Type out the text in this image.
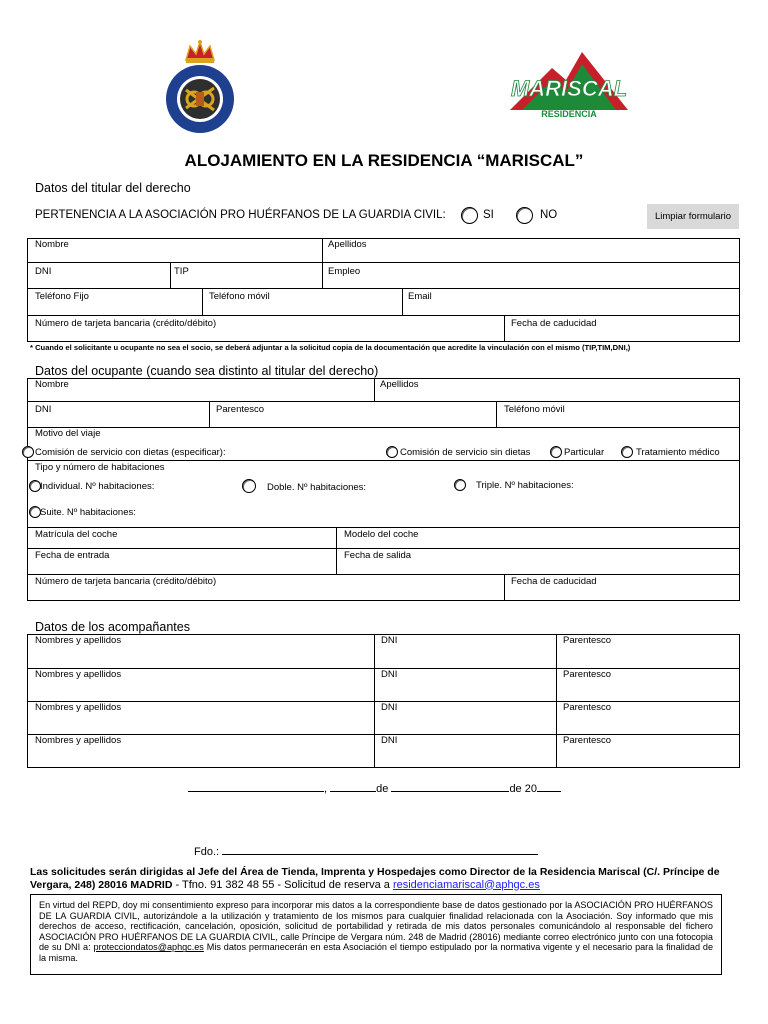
MARISCAL
RESIDENCIA
ALOJAMIENTO EN LA RESIDENCIA “MARISCAL”
Datos del titular del derecho
PERTENENCIA A LA ASOCIACIÓN PRO HUÉRFANOS DE LA GUARDIA CIVIL:	SI	NO	Limpiar formulario
Nombre	Apellidos
DNI	TIP	Empleo
Teléfono Fijo	Teléfono móvil	Email
Número de tarjeta bancaria (crédito/débito)	Fecha de caducidad
* Cuando el solicitante u ocupante no sea el socio, se deberá adjuntar a la solicitud copia de la documentación que acredite la vinculación con el mismo (TIP,TIM,DNI,)
Datos del ocupante (cuando sea distinto al titular del derecho)
Nombre	Apellidos
DNI	Parentesco	Teléfono móvil
Motivo del viaje
Comisión de servicio con dietas (especificar):	Comisión de servicio sin dietas	Particular	Tratamiento médico
Tipo y número de habitaciones
Individual. Nº habitaciones:	Doble. Nº habitaciones:	Triple. Nº habitaciones:
Suite. Nº habitaciones:
Matrícula del coche	Modelo del coche
Fecha de entrada	Fecha de salida
Número de tarjeta bancaria (crédito/débito)	Fecha de caducidad
Datos de los acompañantes
Nombres y apellidos	DNI	Parentesco
Nombres y apellidos	DNI	Parentesco
Nombres y apellidos	DNI	Parentesco
Nombres y apellidos	DNI	Parentesco
,	de	de 20
Fdo.:
Las solicitudes serán dirigidas al Jefe del Área de Tienda, Imprenta y Hospedajes como Director de la Residencia Mariscal (C/. Príncipe de Vergara, 248) 28016 MADRID - Tfno. 91 382 48 55 - Solicitud de reserva a residenciamariscal@aphgc.es
En virtud del REPD, doy mi consentimiento expreso para incorporar mis datos a la correspondiente base de datos gestionado por la ASOCIACIÓN PRO HUÉRFANOS DE LA GUARDIA CIVIL, autorizándole a la utilización y tratamiento de los mismos para cualquier finalidad relacionada con la Asociación. Soy informado que mis derechos de acceso, rectificación, cancelación, oposición, solicitud de portabilidad y retirada de mis datos personales comunicándolo al responsable del fichero ASOCIACIÓN PRO HUÉRFANOS DE LA GUARDIA CIVIL, calle Príncipe de Vergara núm. 248 de Madrid (28016) mediante correo electrónico junto con una fotocopia de su DNI a: protecciondatos@aphgc.es Mis datos permanecerán en esta Asociación el tiempo estipulado por la normativa vigente y el necesario para la finalidad de la misma.
